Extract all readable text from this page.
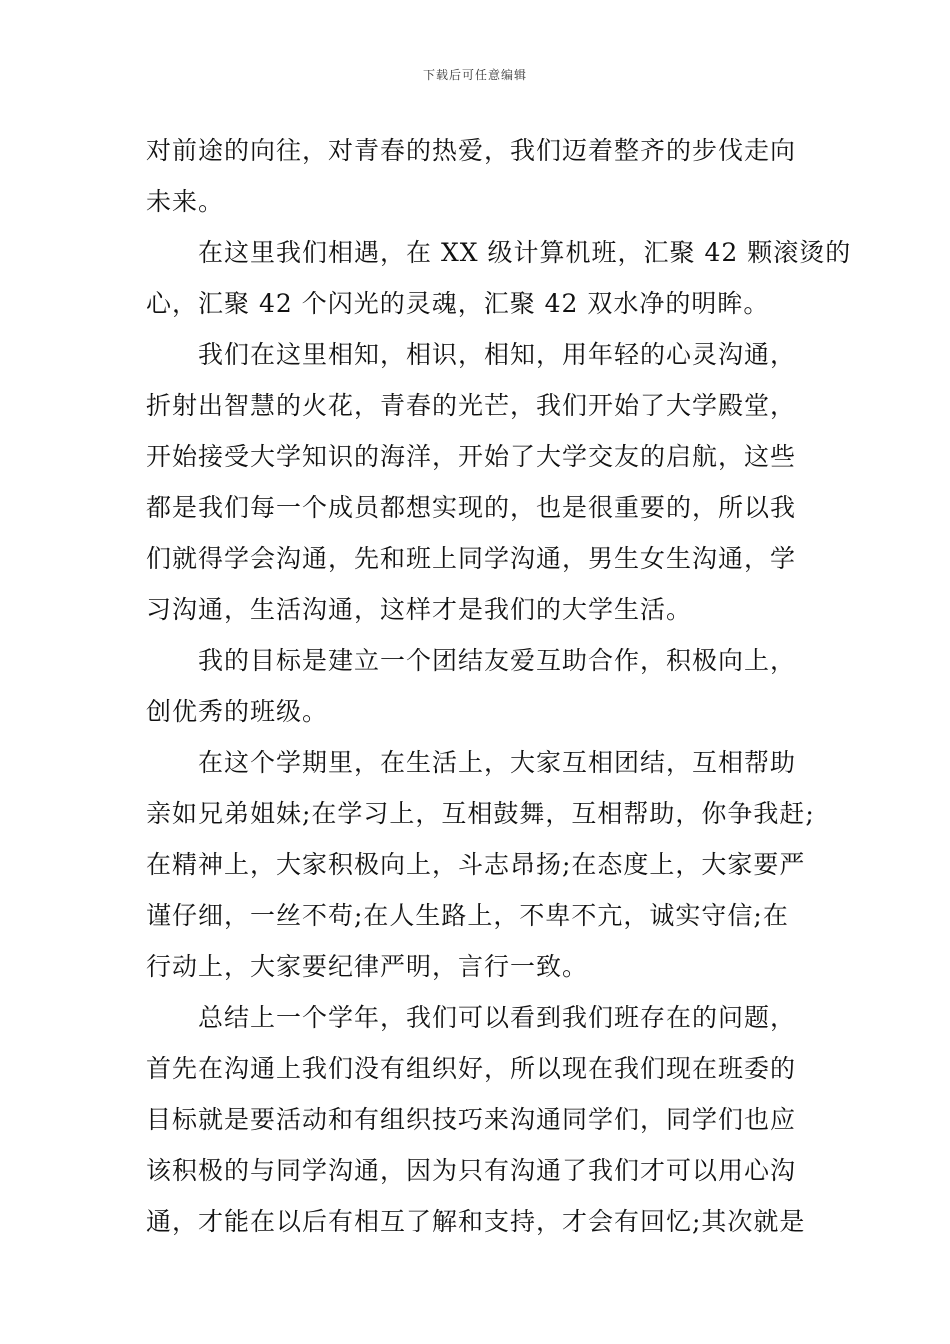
下载后可任意编辑

对前途的向往，对青春的热爱，我们迈着整齐的步伐走向
未来。

在这里我们相遇，在 XX 级计算机班，汇聚 42 颗滚烫的
心，汇聚 42 个闪光的灵魂，汇聚 42 双水净的明眸。

我们在这里相知，相识，相知，用年轻的心灵沟通，
折射出智慧的火花，青春的光芒，我们开始了大学殿堂，
开始接受大学知识的海洋，开始了大学交友的启航，这些
都是我们每一个成员都想实现的，也是很重要的，所以我
们就得学会沟通，先和班上同学沟通，男生女生沟通，学
习沟通，生活沟通，这样才是我们的大学生活。

我的目标是建立一个团结友爱互助合作，积极向上，
创优秀的班级。

在这个学期里，在生活上，大家互相团结，互相帮助
亲如兄弟姐妹;在学习上，互相鼓舞，互相帮助，你争我赶;
在精神上，大家积极向上，斗志昂扬;在态度上，大家要严
谨仔细，一丝不苟;在人生路上，不卑不亢，诚实守信;在
行动上，大家要纪律严明，言行一致。

总结上一个学年，我们可以看到我们班存在的问题，
首先在沟通上我们没有组织好，所以现在我们现在班委的
目标就是要活动和有组织技巧来沟通同学们，同学们也应
该积极的与同学沟通，因为只有沟通了我们才可以用心沟
通，才能在以后有相互了解和支持，才会有回忆;其次就是
